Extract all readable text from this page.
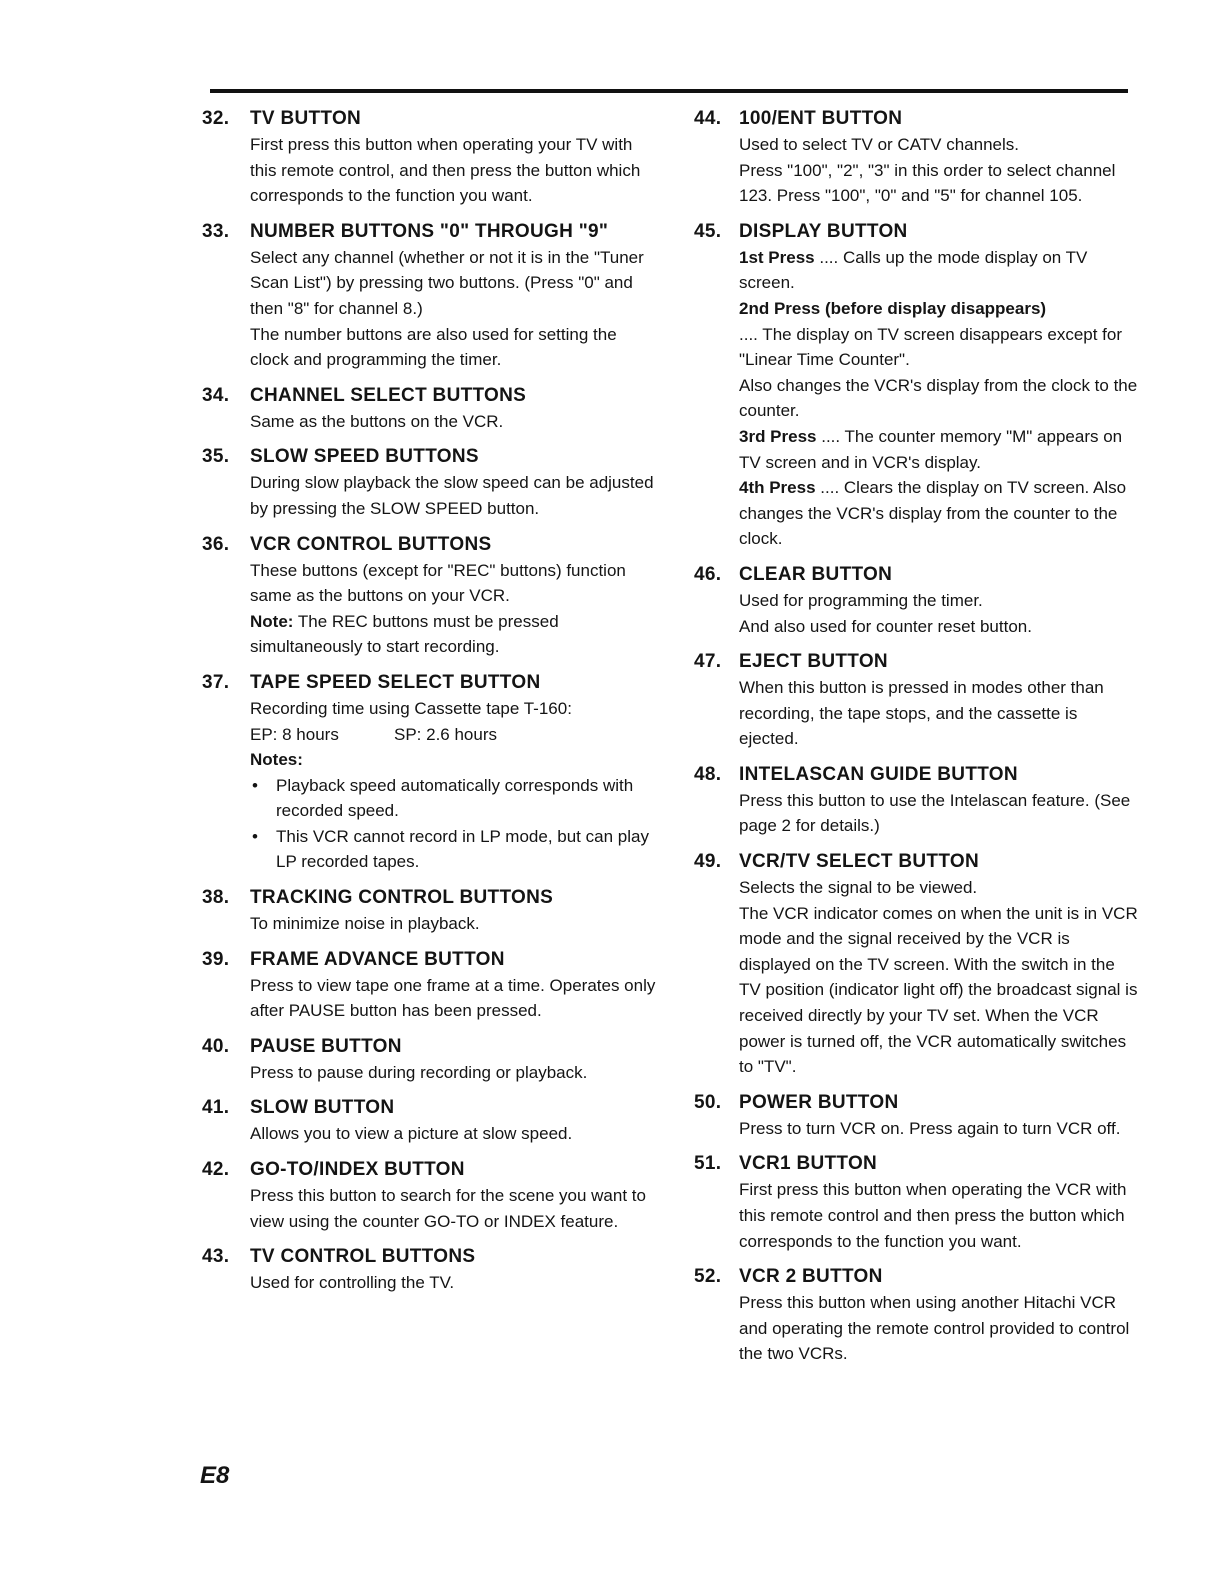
32.	TV BUTTON

First press this button when operating your TV with this remote control, and then press the button which corresponds to the function you want.

33.	NUMBER BUTTONS "0" THROUGH "9"

Select any channel (whether or not it is in the "Tuner Scan List") by pressing two buttons. (Press "0" and then "8" for channel 8.)

The number buttons are also used for setting the clock and programming the timer.

34.	CHANNEL SELECT BUTTONS

Same as the buttons on the VCR.

35.	SLOW SPEED BUTTONS

During slow playback the slow speed can be adjusted by pressing the SLOW SPEED button.

36.	VCR CONTROL BUTTONS

These buttons (except for "REC" buttons) function same as the buttons on your VCR.

Note: The REC buttons must be pressed simultaneously to start recording.

37.	TAPE SPEED SELECT BUTTON

Recording time using Cassette tape T-160:

EP: 8 hours	SP: 2.6 hours

Notes:

• Playback speed automatically corresponds with recorded speed.
• This VCR cannot record in LP mode, but can play LP recorded tapes.
38.	TRACKING CONTROL BUTTONS

To minimize noise in playback.

39.	FRAME ADVANCE BUTTON

Press to view tape one frame at a time. Operates only after PAUSE button has been pressed.

40.	PAUSE BUTTON

Press to pause during recording or playback.

41.	SLOW BUTTON

Allows you to view a picture at slow speed.

42.	GO-TO/INDEX BUTTON

Press this button to search for the scene you want to view using the counter GO-TO or INDEX feature.

43.	TV CONTROL BUTTONS

Used for controlling the TV.

44. 100/ENT BUTTON

Used to select TV or CATV channels.

Press "100", "2", "3" in this order to select channel 123. Press "100", "0" and "5" for channel 105.

45. DISPLAY BUTTON

1st Press .... Calls up the mode display on TV screen.

2nd Press (before display disappears)

.... The display on TV screen disappears except for "Linear Time Counter".

Also changes the VCR's display from the clock to the counter.

3rd Press .... The counter memory "M" appears on TV screen and in VCR's display.

4th Press .... Clears the display on TV screen. Also changes the VCR's display from the counter to the clock.

46. CLEAR BUTTON

Used for programming the timer.

And also used for counter reset button.

47. EJECT BUTTON

When this button is pressed in modes other than recording, the tape stops, and the cassette is ejected.

48. INTELASCAN GUIDE BUTTON

Press this button to use the Intelascan feature. (See page 2 for details.)

49. VCR/TV SELECT BUTTON

Selects the signal to be viewed.

The VCR indicator comes on when the unit is in VCR mode and the signal received by the VCR is displayed on the TV screen. With the switch in the TV position (indicator light off) the broadcast signal is received directly by your TV set. When the VCR power is turned off, the VCR automatically switches to "TV".

50. POWER BUTTON

Press to turn VCR on. Press again to turn VCR off.

51. VCR1 BUTTON

First press this button when operating the VCR with this remote control and then press the button which corresponds to the function you want.

52. VCR 2 BUTTON

Press this button when using another Hitachi VCR and operating the remote control provided to control the two VCRs.

E8
